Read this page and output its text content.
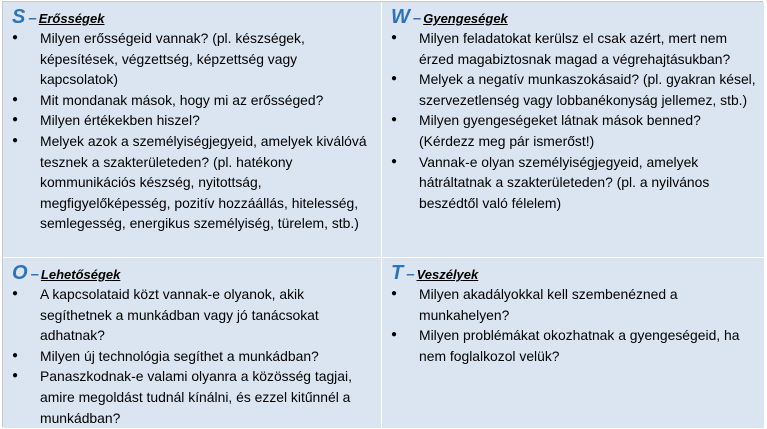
S – Erősségek
●	Milyen erősségeid vannak? (pl. készségek, képesítések, végzettség, képzettség vagy kapcsolatok)
●	Mit mondanak mások, hogy mi az erősséged?
●	Milyen értékekben hiszel?
●	Melyek azok a személyiségjegyeid, amelyek kiválóvá tesznek a szakterületeden? (pl. hatékony kommunikációs készség, nyitottság, megfigyelőképesség, pozitív hozzáállás, hitelesség, semlegesség, energikus személyiség, türelem, stb.)
W – Gyengeségek
●	Milyen feladatokat kerülsz el csak azért, mert nem érzed magabiztosnak magad a végrehajtásukban?
●	Melyek a negatív munkaszokásaid? (pl. gyakran késel, szervezetlenség vagy lobbanékonyság jellemez, stb.)
●	Milyen gyengeségeket látnak mások benned? (Kérdezz meg pár ismerőst!)
●	Vannak-e olyan személyiségjegyeid, amelyek hátráltatnak a szakterületeden? (pl. a nyilvános beszédtől való félelem)
O – Lehetőségek
●	A kapcsolataid közt vannak-e olyanok, akik segíthetnek a munkádban vagy jó tanácsokat adhatnak?
●	Milyen új technológia segíthet a munkádban?
●	Panaszkodnak-e valami olyanra a közösség tagjai, amire megoldást tudnál kínálni, és ezzel kitűnnél a munkádban?
T – Veszélyek
●	Milyen akadályokkal kell szembenézned a munkahelyen?
●	Milyen problémákat okozhatnak a gyengeségeid, ha nem foglalkozol velük?
